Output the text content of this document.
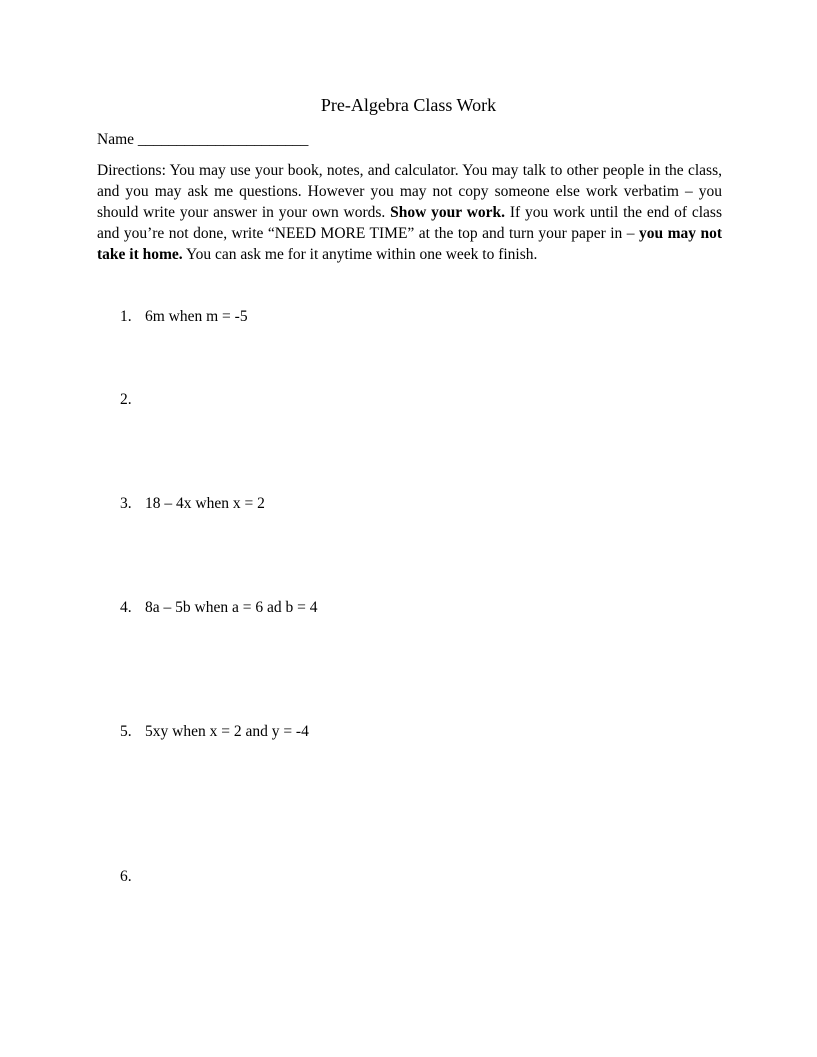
Pre-Algebra Class Work
Name ______________________
Directions: You may use your book, notes, and calculator. You may talk to other people in the class, and you may ask me questions. However you may not copy someone else work verbatim – you should write your answer in your own words. Show your work. If you work until the end of class and you’re not done, write “NEED MORE TIME” at the top and turn your paper in – you may not take it home. You can ask me for it anytime within one week to finish.
1. 6m when m = -5
2.
3. 18 – 4x when x = 2
4. 8a – 5b when a = 6 ad b = 4
5. 5xy when x = 2 and y = -4
6.
